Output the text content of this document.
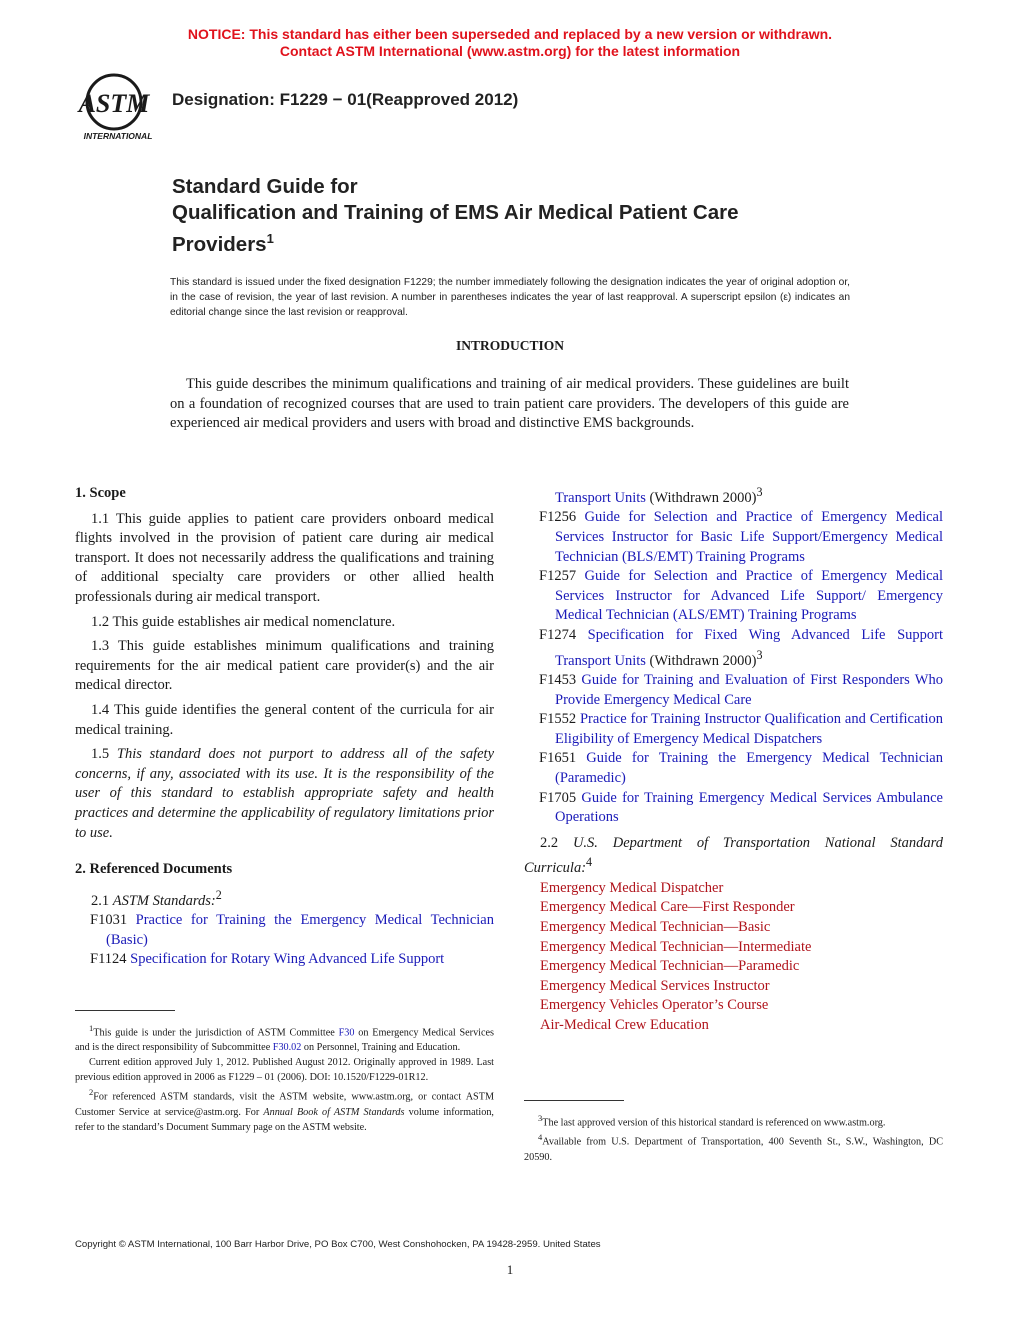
NOTICE: This standard has either been superseded and replaced by a new version or withdrawn.
Contact ASTM International (www.astm.org) for the latest information
ASTM
INTERNATIONAL
Designation: F1229 − 01(Reapproved 2012)
Standard Guide for
Qualification and Training of EMS Air Medical Patient Care
Providers$^1$
This standard is issued under the fixed designation F1229; the number immediately following the designation indicates the year of original adoption or, in the case of revision, the year of last revision. A number in parentheses indicates the year of last reapproval. A superscript epsilon (ε) indicates an editorial change since the last revision or reapproval.
INTRODUCTION
This guide describes the minimum qualifications and training of air medical providers. These guidelines are built on a foundation of recognized courses that are used to train patient care providers. The developers of this guide are experienced air medical providers and users with broad and distinctive EMS backgrounds.

1. Scope

1.1 This guide applies to patient care providers onboard medical flights involved in the provision of patient care during air medical transport. It does not necessarily address the qualifications and training of additional specialty care providers or other allied health professionals during air medical transport.

1.2 This guide establishes air medical nomenclature.

1.3 This guide establishes minimum qualifications and training requirements for the air medical patient care provider(s) and the air medical director.

1.4 This guide identifies the general content of the curricula for air medical training.

1.5 This standard does not purport to address all of the safety concerns, if any, associated with its use. It is the responsibility of the user of this standard to establish appropriate safety and health practices and determine the applicability of regulatory limitations prior to use.

2. Referenced Documents

2.1 ASTM Standards:$^2$

F1031 Practice for Training the Emergency Medical Technician (Basic)

F1124 Specification for Rotary Wing Advanced Life Support

$^1$This guide is under the jurisdiction of ASTM Committee F30 on Emergency Medical Services and is the direct responsibility of Subcommittee F30.02 on Personnel, Training and Education.

Current edition approved July 1, 2012. Published August 2012. Originally approved in 1989. Last previous edition approved in 2006 as F1229 – 01 (2006). DOI: 10.1520/F1229-01R12.

$^2$For referenced ASTM standards, visit the ASTM website, www.astm.org, or contact ASTM Customer Service at service@astm.org. For Annual Book of ASTM Standards volume information, refer to the standard’s Document Summary page on the ASTM website.

Transport Units (Withdrawn 2000)$^3$

F1256 Guide for Selection and Practice of Emergency Medical Services Instructor for Basic Life Support/Emergency Medical Technician (BLS/EMT) Training Programs

F1257 Guide for Selection and Practice of Emergency Medical Services Instructor for Advanced Life Support/ Emergency Medical Technician (ALS/EMT) Training Programs

F1274 Specification for Fixed Wing Advanced Life Support Transport Units (Withdrawn 2000)$^3$

F1453 Guide for Training and Evaluation of First Responders Who Provide Emergency Medical Care

F1552 Practice for Training Instructor Qualification and Certification Eligibility of Emergency Medical Dispatchers

F1651 Guide for Training the Emergency Medical Technician (Paramedic)

F1705 Guide for Training Emergency Medical Services Ambulance Operations

2.2 U.S. Department of Transportation National Standard Curricula:$^4$

Emergency Medical Dispatcher

Emergency Medical Care—First Responder

Emergency Medical Technician—Basic

Emergency Medical Technician—Intermediate

Emergency Medical Technician—Paramedic

Emergency Medical Services Instructor

Emergency Vehicles Operator’s Course

Air-Medical Crew Education

$^3$The last approved version of this historical standard is referenced on www.astm.org.

$^4$Available from U.S. Department of Transportation, 400 Seventh St., S.W., Washington, DC 20590.

Copyright © ASTM International, 100 Barr Harbor Drive, PO Box C700, West Conshohocken, PA 19428-2959. United States
1
